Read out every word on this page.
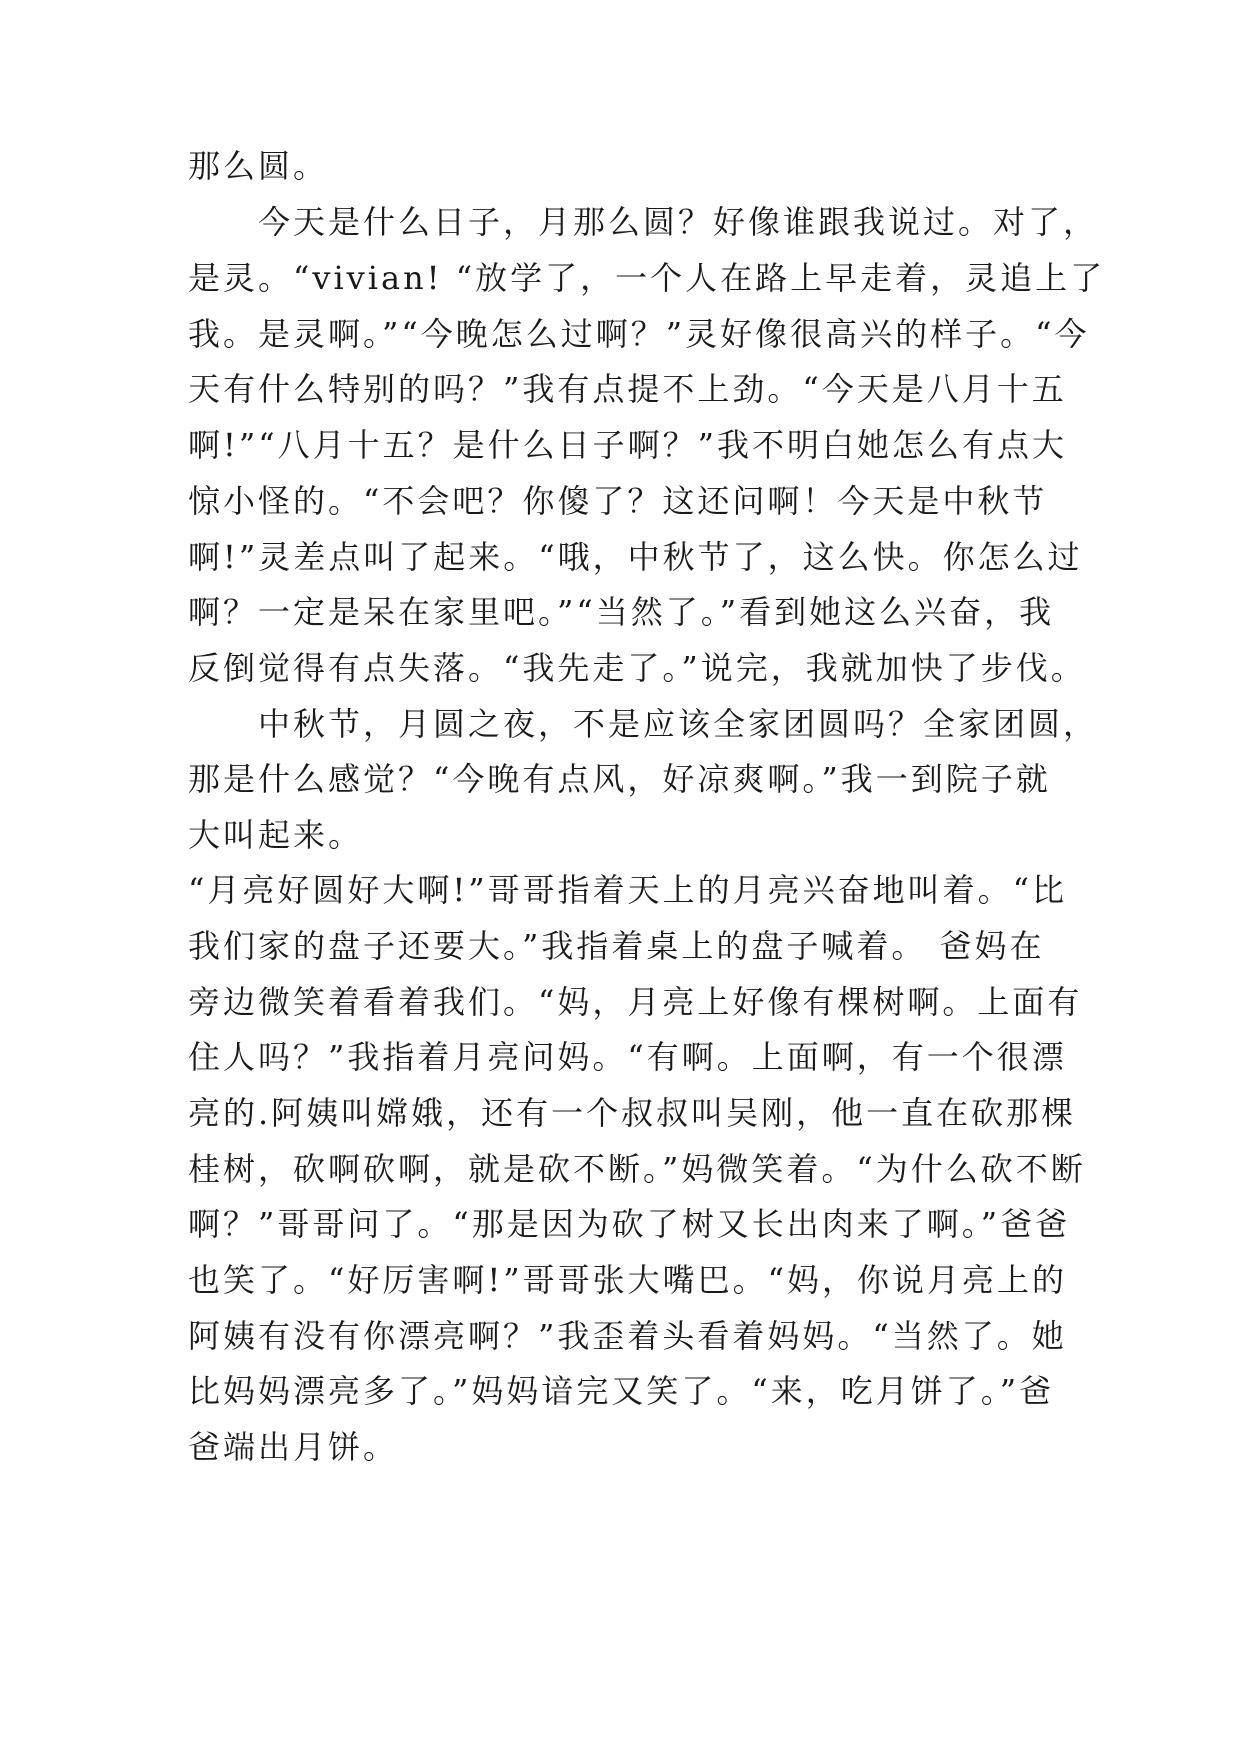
那么圆。
今天是什么日子，月那么圆？好像谁跟我说过。对了，
是灵。“vivian! “放学了，一个人在路上早走着，灵追上了
我。是灵啊。”“今晚怎么过啊？”灵好像很高兴的样子。“今
天有什么特别的吗？”我有点提不上劲。“今天是八月十五
啊!”“八月十五？是什么日子啊？”我不明白她怎么有点大
惊小怪的。“不会吧？你傻了？这还问啊！今天是中秋节
啊!”灵差点叫了起来。“哦，中秋节了，这么快。你怎么过
啊？一定是呆在家里吧。”“当然了。”看到她这么兴奋，我
反倒觉得有点失落。“我先走了。”说完，我就加快了步伐。
中秋节，月圆之夜，不是应该全家团圆吗？全家团圆，
那是什么感觉？“今晚有点风，好凉爽啊。”我一到院子就
大叫起来。
“月亮好圆好大啊!”哥哥指着天上的月亮兴奋地叫着。“比
我们家的盘子还要大。”我指着桌上的盘子喊着。 爸妈在
旁边微笑着看着我们。“妈，月亮上好像有棵树啊。上面有
住人吗？”我指着月亮问妈。“有啊。上面啊，有一个很漂
亮的.阿姨叫嫦娥，还有一个叔叔叫吴刚，他一直在砍那棵
桂树，砍啊砍啊，就是砍不断。”妈微笑着。“为什么砍不断
啊？”哥哥问了。“那是因为砍了树又长出肉来了啊。”爸爸
也笑了。“好厉害啊!”哥哥张大嘴巴。“妈，你说月亮上的
阿姨有没有你漂亮啊？”我歪着头看着妈妈。“当然了。她
比妈妈漂亮多了。”妈妈谙完又笑了。“来，吃月饼了。”爸
爸端出月饼。
